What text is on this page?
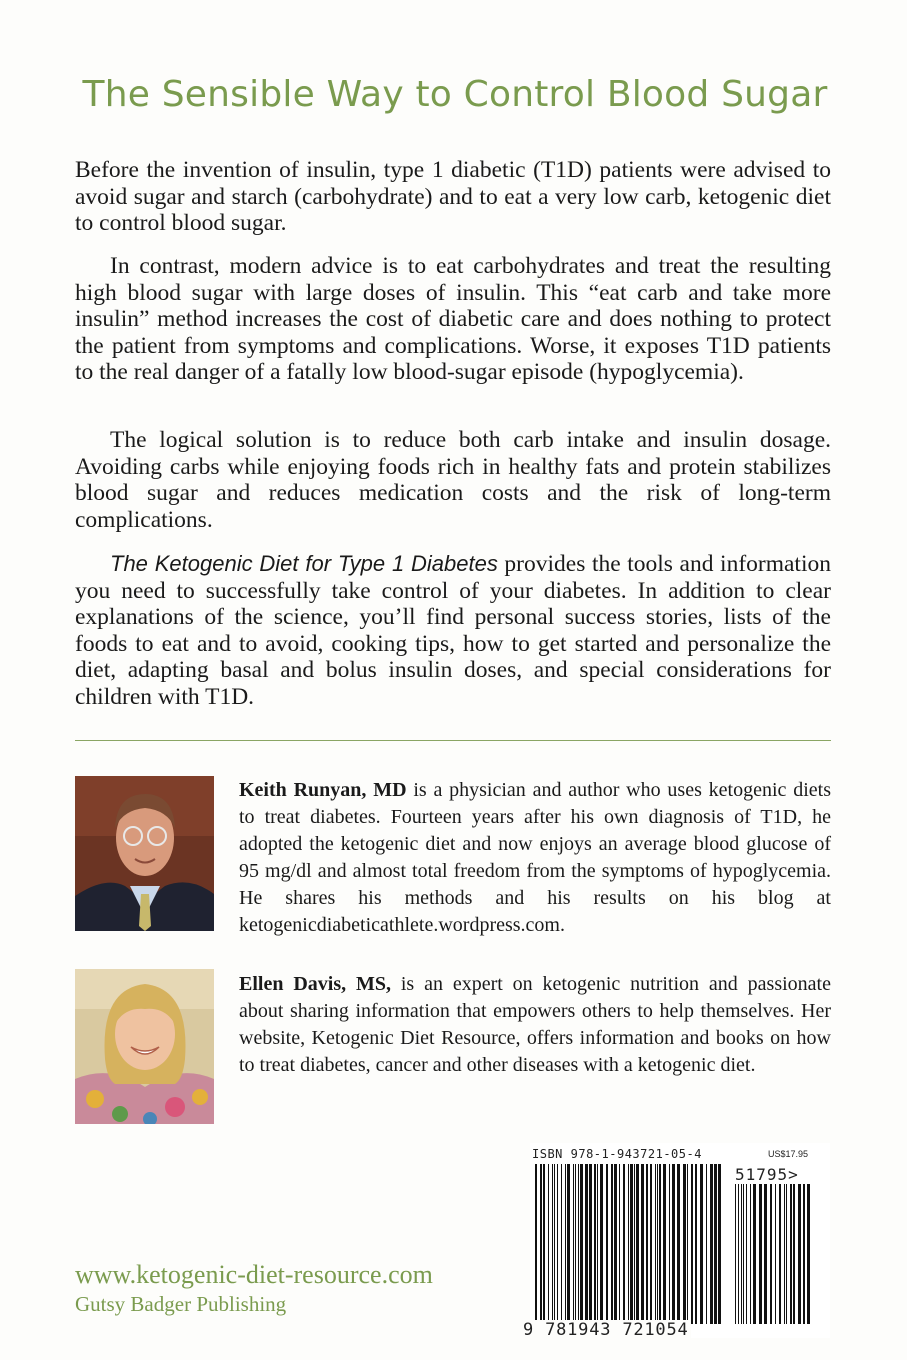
The Sensible Way to Control Blood Sugar
Before the invention of insulin, type 1 diabetic (T1D) patients were advised to avoid sugar and starch (carbohydrate) and to eat a very low carb, ketogenic diet to control blood sugar.
In contrast, modern advice is to eat carbohydrates and treat the resulting high blood sugar with large doses of insulin. This “eat carb and take more insulin” method increases the cost of diabetic care and does nothing to protect the patient from symptoms and complications. Worse, it exposes T1D patients to the real danger of a fatally low blood-sugar episode (hypoglycemia).
The logical solution is to reduce both carb intake and insulin dosage. Avoiding carbs while enjoying foods rich in healthy fats and protein stabilizes blood sugar and reduces medication costs and the risk of long-term complications.
The Ketogenic Diet for Type 1 Diabetes provides the tools and information you need to successfully take control of your diabetes. In addition to clear explanations of the science, you’ll find personal success stories, lists of the foods to eat and to avoid, cooking tips, how to get started and personalize the diet, adapting basal and bolus insulin doses, and special considerations for children with T1D.
Keith Runyan, MD is a physician and author who uses ketogenic diets to treat diabetes. Fourteen years after his own diagnosis of T1D, he adopted the ketogenic diet and now enjoys an average blood glucose of 95 mg/dl and almost total freedom from the symptoms of hypoglycemia. He shares his methods and his results on his blog at ketogenicdiabeticathlete.wordpress.com.
Ellen Davis, MS, is an expert on ketogenic nutrition and passionate about sharing information that empowers others to help themselves. Her website, Ketogenic Diet Resource, offers information and books on how to treat diabetes, cancer and other diseases with a ketogenic diet.
www.ketogenic-diet-resource.com
Gutsy Badger Publishing
ISBN 978-1-943721-05-4	US$17.95
51795>
9 781943 721054
